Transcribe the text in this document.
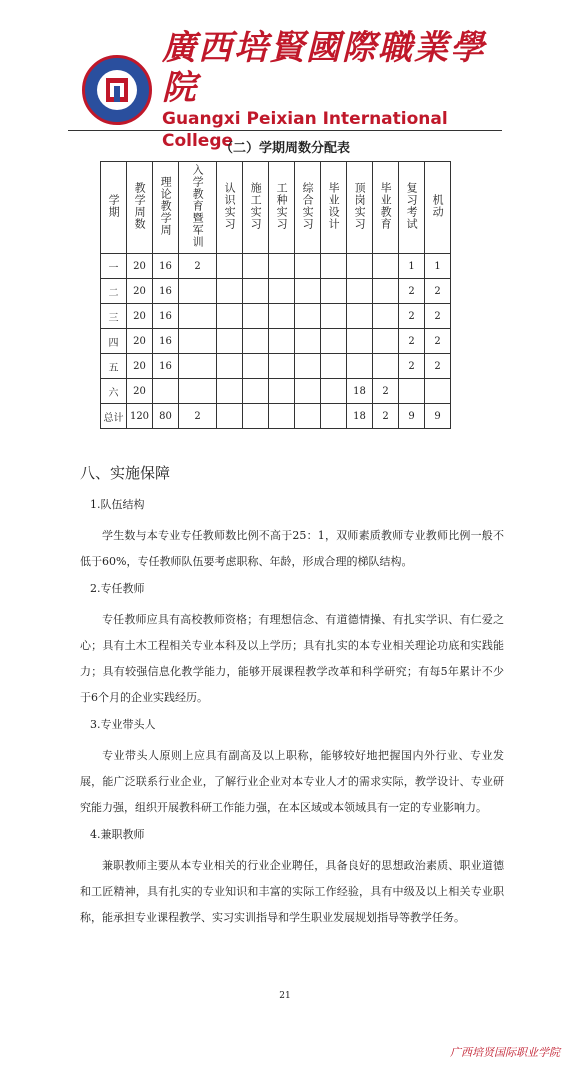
廣西培賢國際職業學院
Guangxi Peixian International College
（二）学期周数分配表
学期	教学周数	理论教学周	入学教育暨军训	认识实习	施工实习	工种实习	综合实习	毕业设计	顶岗实习	毕业教育	复习考试	机动
一	20	16	2								1	1
二	20	16									2	2
三	20	16									2	2
四	20	16									2	2
五	20	16									2	2
六	20								18	2		
总计	120	80	2						18	2	9	9
八、实施保障
1.队伍结构
学生数与本专业专任教师数比例不高于25：1，双师素质教师专业教师比例一般不低于60%，专任教师队伍要考虑职称、年龄，形成合理的梯队结构。
2.专任教师
专任教师应具有高校教师资格；有理想信念、有道德情操、有扎实学识、有仁爱之心；具有土木工程相关专业本科及以上学历；具有扎实的本专业相关理论功底和实践能力；具有较强信息化教学能力，能够开展课程教学改革和科学研究；有每5年累计不少于6个月的企业实践经历。
3.专业带头人
专业带头人原则上应具有副高及以上职称，能够较好地把握国内外行业、专业发展，能广泛联系行业企业，了解行业企业对本专业人才的需求实际，教学设计、专业研究能力强，组织开展教科研工作能力强，在本区域或本领域具有一定的专业影响力。
4.兼职教师
兼职教师主要从本专业相关的行业企业聘任，具备良好的思想政治素质、职业道德和工匠精神，具有扎实的专业知识和丰富的实际工作经验，具有中级及以上相关专业职称，能承担专业课程教学、实习实训指导和学生职业发展规划指导等教学任务。
21
广西培贤国际职业学院
